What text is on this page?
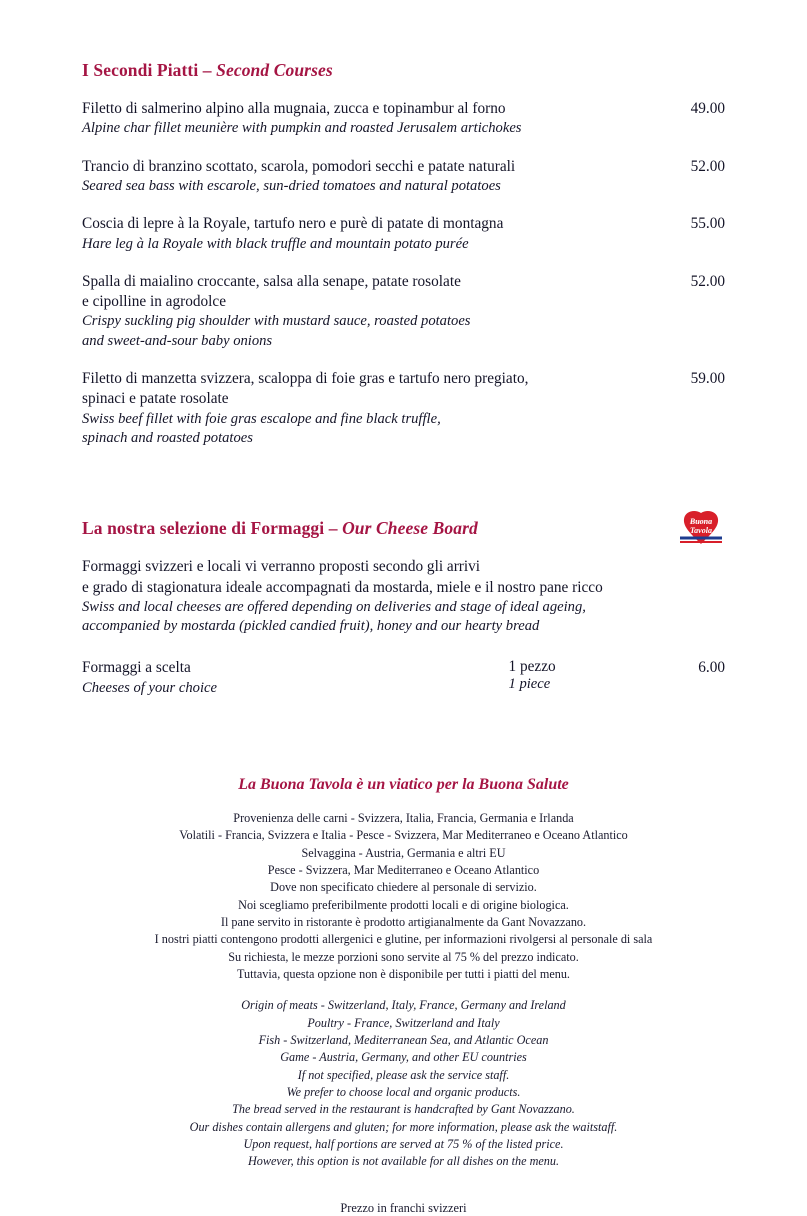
I Secondi Piatti – Second Courses
Filetto di salmerino alpino alla mugnaia, zucca e topinambur al forno
Alpine char fillet meunière with pumpkin and roasted Jerusalem artichokes
49.00
Trancio di branzino scottato, scarola, pomodori secchi e patate naturali
Seared sea bass with escarole, sun-dried tomatoes and natural potatoes
52.00
Coscia di lepre à la Royale, tartufo nero e purè di patate di montagna
Hare leg à la Royale with black truffle and mountain potato purée
55.00
Spalla di maialino croccante, salsa alla senape, patate rosolate
e cipolline in agrodolce
Crispy suckling pig shoulder with mustard sauce, roasted potatoes
and sweet-and-sour baby onions
52.00
Filetto di manzetta svizzera, scaloppa di foie gras e tartufo nero pregiato,
spinaci e patate rosolate
Swiss beef fillet with foie gras escalope and fine black truffle,
spinach and roasted potatoes
59.00
Buona
Tavola
La nostra selezione di Formaggi – Our Cheese Board
Formaggi svizzeri e locali vi verranno proposti secondo gli arrivi
e grado di stagionatura ideale accompagnati da mostarda, miele e il nostro pane ricco
Swiss and local cheeses are offered depending on deliveries and stage of ideal ageing,
accompanied by mostarda (pickled candied fruit), honey and our hearty bread
Formaggi a scelta
Cheeses of your choice
1 pezzo
1 piece
6.00
La Buona Tavola è un viatico per la Buona Salute
Provenienza delle carni - Svizzera, Italia, Francia, Germania e Irlanda
Volatili - Francia, Svizzera e Italia - Pesce - Svizzera, Mar Mediterraneo e Oceano Atlantico
Selvaggina - Austria, Germania e altri EU
Pesce - Svizzera, Mar Mediterraneo e Oceano Atlantico
Dove non specificato chiedere al personale di servizio.
Noi scegliamo preferibilmente prodotti locali e di origine biologica.
Il pane servito in ristorante è prodotto artigianalmente da Gant Novazzano.
I nostri piatti contengono prodotti allergenici e glutine, per informazioni rivolgersi al personale di sala
Su richiesta, le mezze porzioni sono servite al 75 % del prezzo indicato.
Tuttavia, questa opzione non è disponibile per tutti i piatti del menu.
Origin of meats - Switzerland, Italy, France, Germany and Ireland
Poultry - France, Switzerland and Italy
Fish - Switzerland, Mediterranean Sea, and Atlantic Ocean
Game - Austria, Germany, and other EU countries
If not specified, please ask the service staff.
We prefer to choose local and organic products.
The bread served in the restaurant is handcrafted by Gant Novazzano.
Our dishes contain allergens and gluten; for more information, please ask the waitstaff.
Upon request, half portions are served at 75 % of the listed price.
However, this option is not available for all dishes on the menu.
Prezzo in franchi svizzeri
